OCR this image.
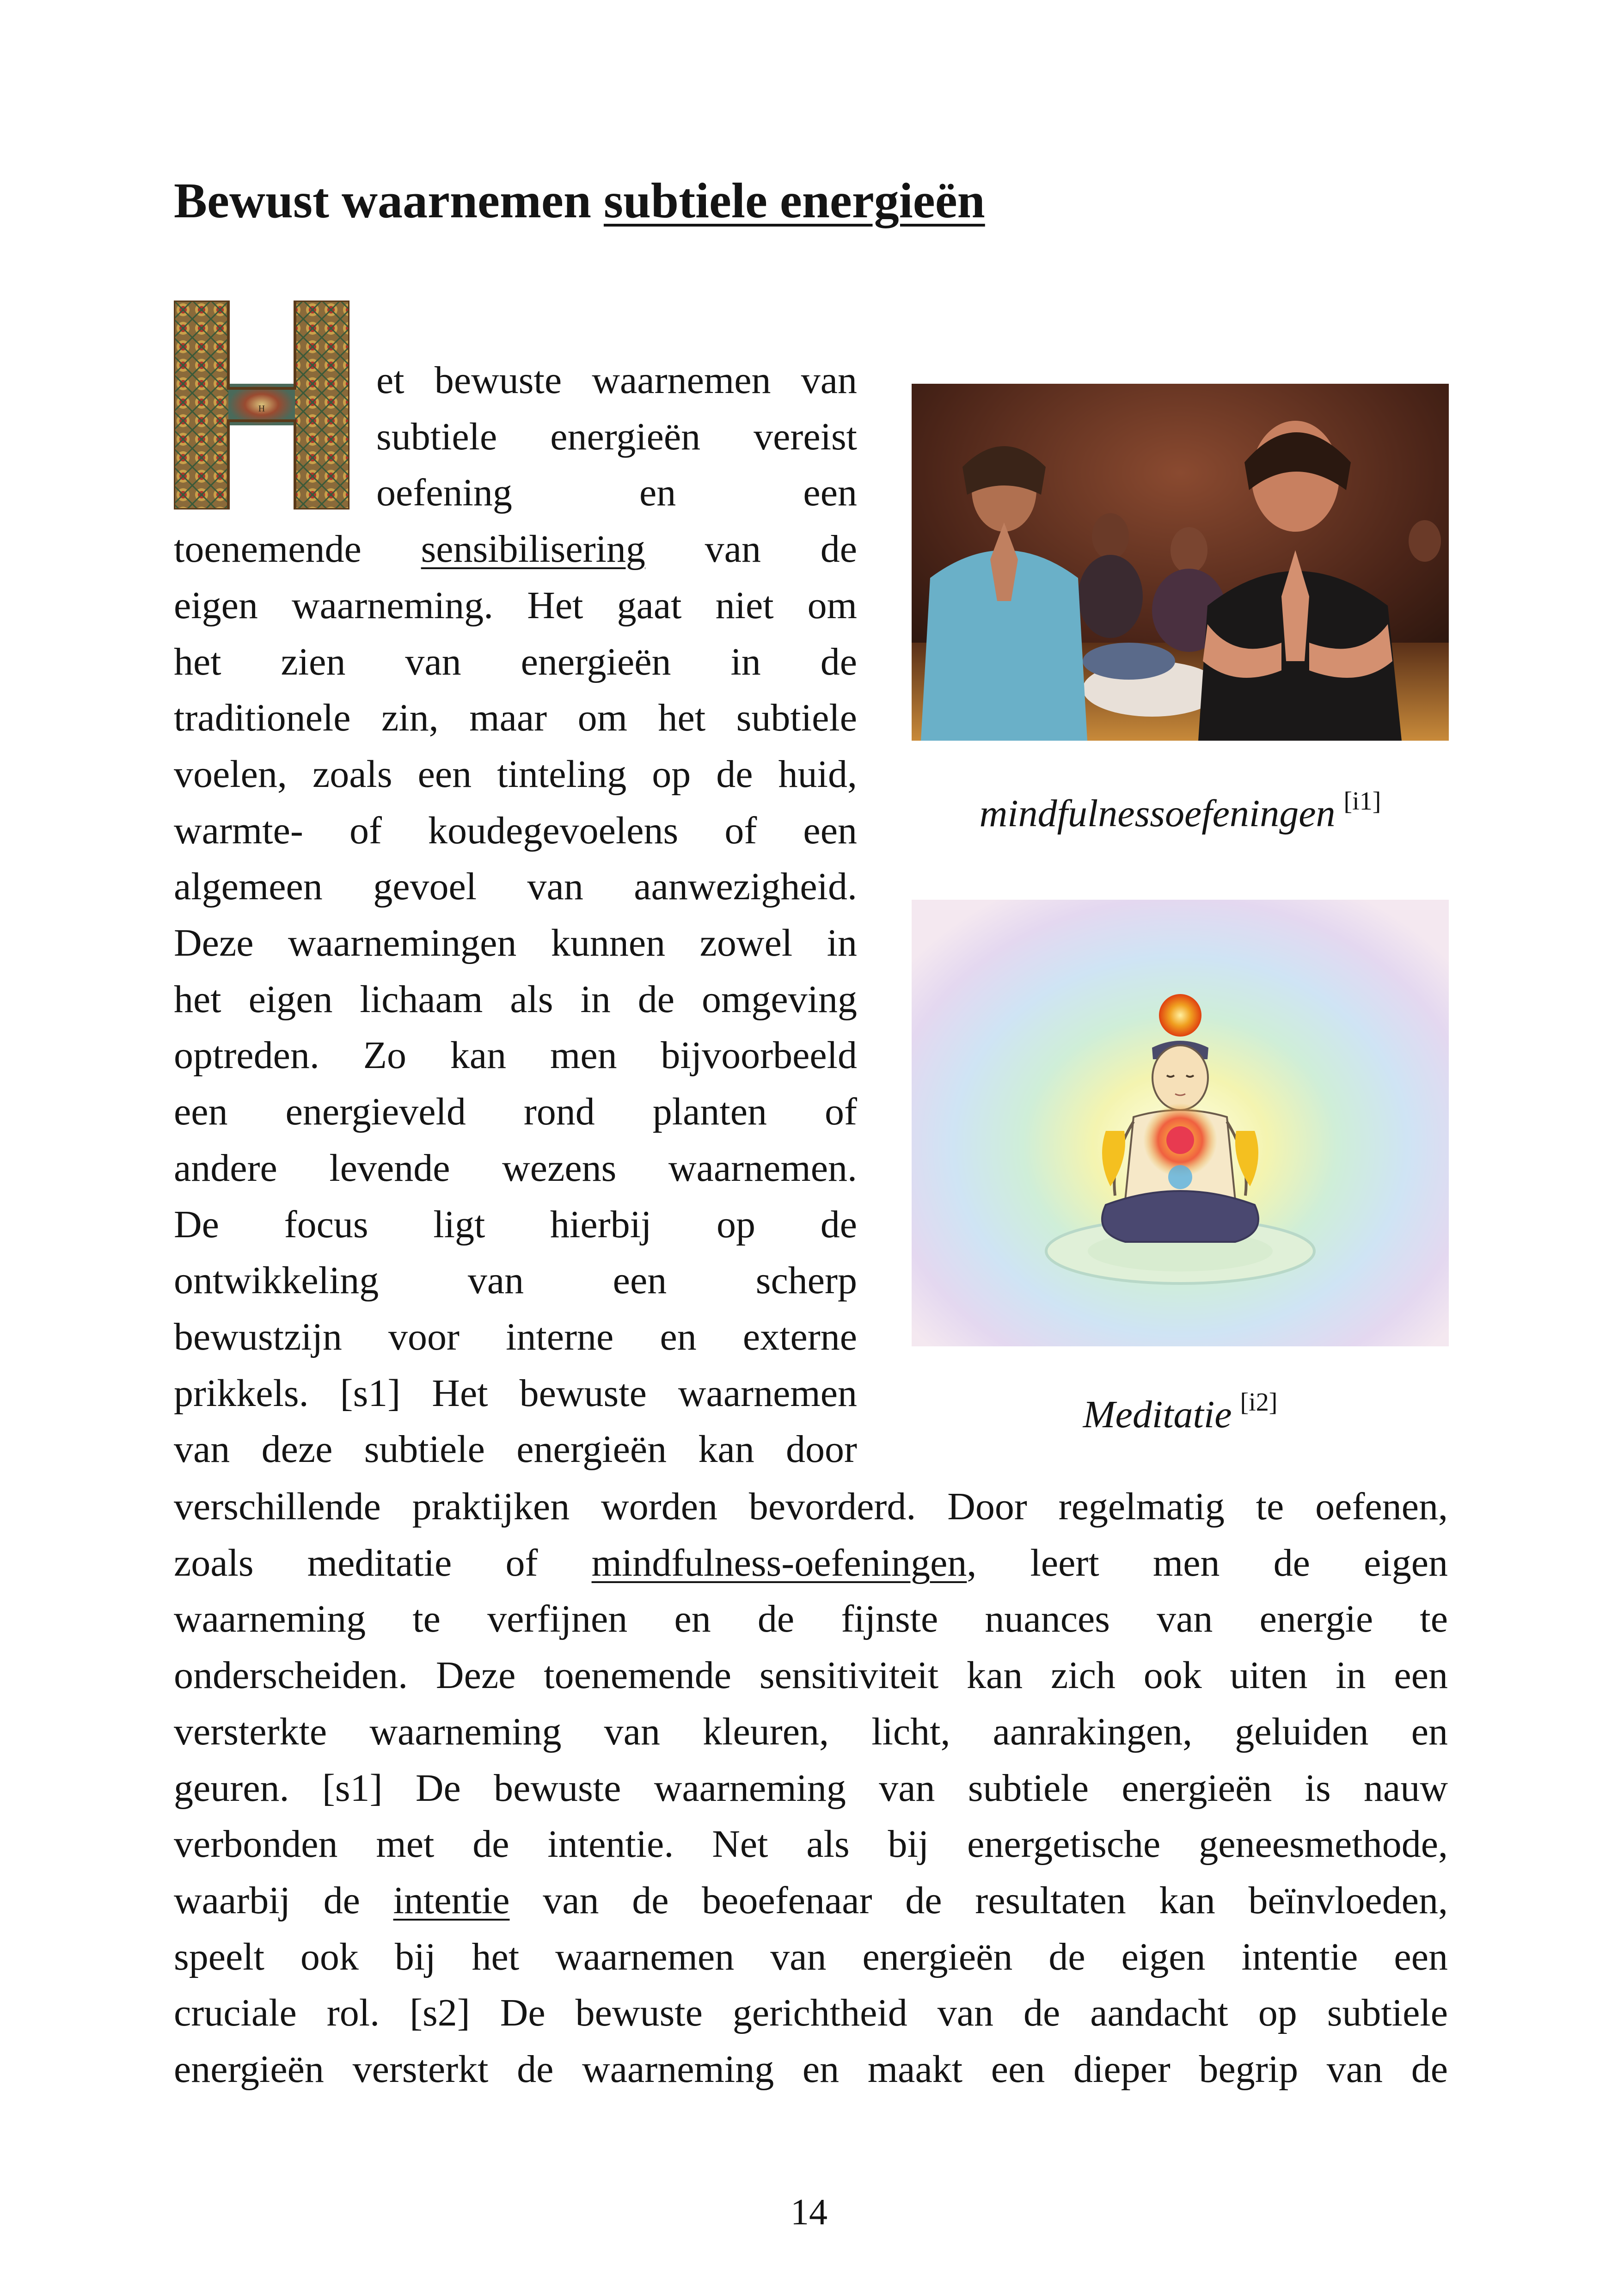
Bewust waarnemen subtiele energieën
H
et bewuste waarnemen van
subtiele energieën vereist
oefening en een
toenemende sensibilisering van de
eigen waarneming. Het gaat niet om
het zien van energieën in de
traditionele zin, maar om het subtiele
voelen, zoals een tinteling op de huid,
warmte- of koudegevoelens of een
algemeen gevoel van aanwezigheid.
Deze waarnemingen kunnen zowel in
het eigen lichaam als in de omgeving
optreden. Zo kan men bijvoorbeeld
een energieveld rond planten of
andere levende wezens waarnemen.
De focus ligt hierbij op de
ontwikkeling van een scherp
bewustzijn voor interne en externe
prikkels. [s1] Het bewuste waarnemen
van deze subtiele energieën kan door
mindfulnessoefeningen [i1]
Meditatie [i2]
verschillende praktijken worden bevorderd. Door regelmatig te oefenen,
zoals meditatie of mindfulness-oefeningen, leert men de eigen
waarneming te verfijnen en de fijnste nuances van energie te
onderscheiden. Deze toenemende sensitiviteit kan zich ook uiten in een
versterkte waarneming van kleuren, licht, aanrakingen, geluiden en
geuren. [s1] De bewuste waarneming van subtiele energieën is nauw
verbonden met de intentie. Net als bij energetische geneesmethode,
waarbij de intentie van de beoefenaar de resultaten kan beïnvloeden,
speelt ook bij het waarnemen van energieën de eigen intentie een
cruciale rol. [s2] De bewuste gerichtheid van de aandacht op subtiele
energieën versterkt de waarneming en maakt een dieper begrip van de
14
